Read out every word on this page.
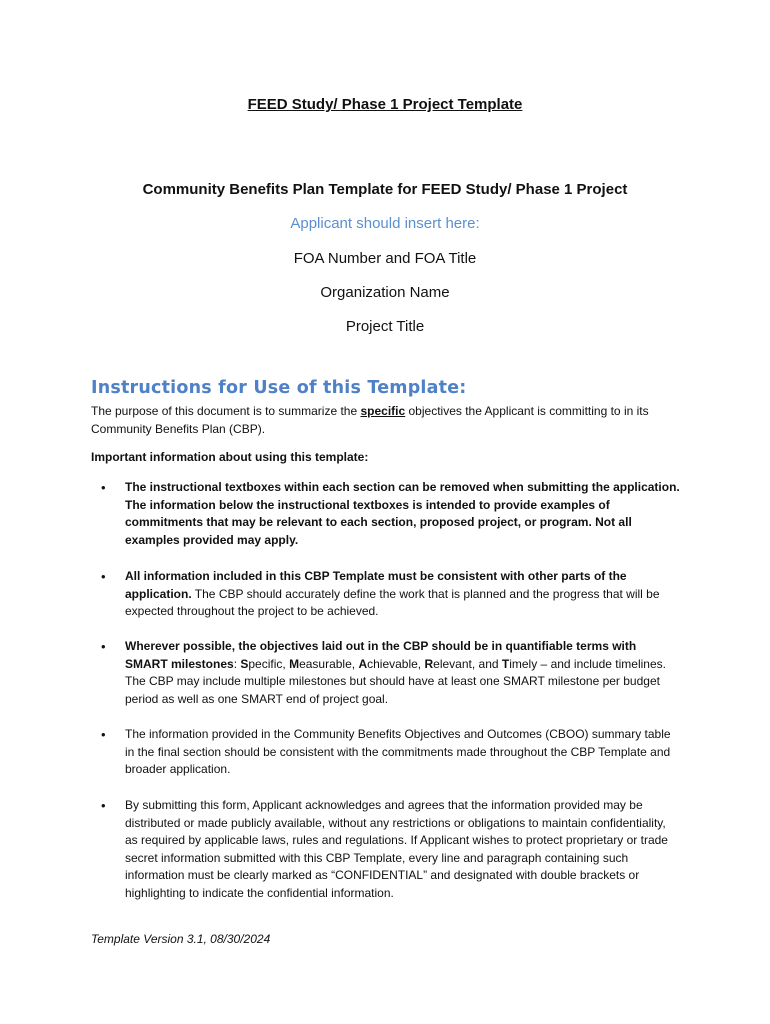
FEED Study/ Phase 1 Project Template
Community Benefits Plan Template for FEED Study/ Phase 1 Project
Applicant should insert here:
FOA Number and FOA Title
Organization Name
Project Title
Instructions for Use of this Template:
The purpose of this document is to summarize the specific objectives the Applicant is committing to in its Community Benefits Plan (CBP).
Important information about using this template:
• The instructional textboxes within each section can be removed when submitting the application. The information below the instructional textboxes is intended to provide examples of commitments that may be relevant to each section, proposed project, or program. Not all examples provided may apply.
• All information included in this CBP Template must be consistent with other parts of the application. The CBP should accurately define the work that is planned and the progress that will be expected throughout the project to be achieved.
• Wherever possible, the objectives laid out in the CBP should be in quantifiable terms with SMART milestones: Specific, Measurable, Achievable, Relevant, and Timely – and include timelines. The CBP may include multiple milestones but should have at least one SMART milestone per budget period as well as one SMART end of project goal.
• The information provided in the Community Benefits Objectives and Outcomes (CBOO) summary table in the final section should be consistent with the commitments made throughout the CBP Template and broader application.
• By submitting this form, Applicant acknowledges and agrees that the information provided may be distributed or made publicly available, without any restrictions or obligations to maintain confidentiality, as required by applicable laws, rules and regulations. If Applicant wishes to protect proprietary or trade secret information submitted with this CBP Template, every line and paragraph containing such information must be clearly marked as “CONFIDENTIAL” and designated with double brackets or highlighting to indicate the confidential information.
Template Version 3.1, 08/30/2024
